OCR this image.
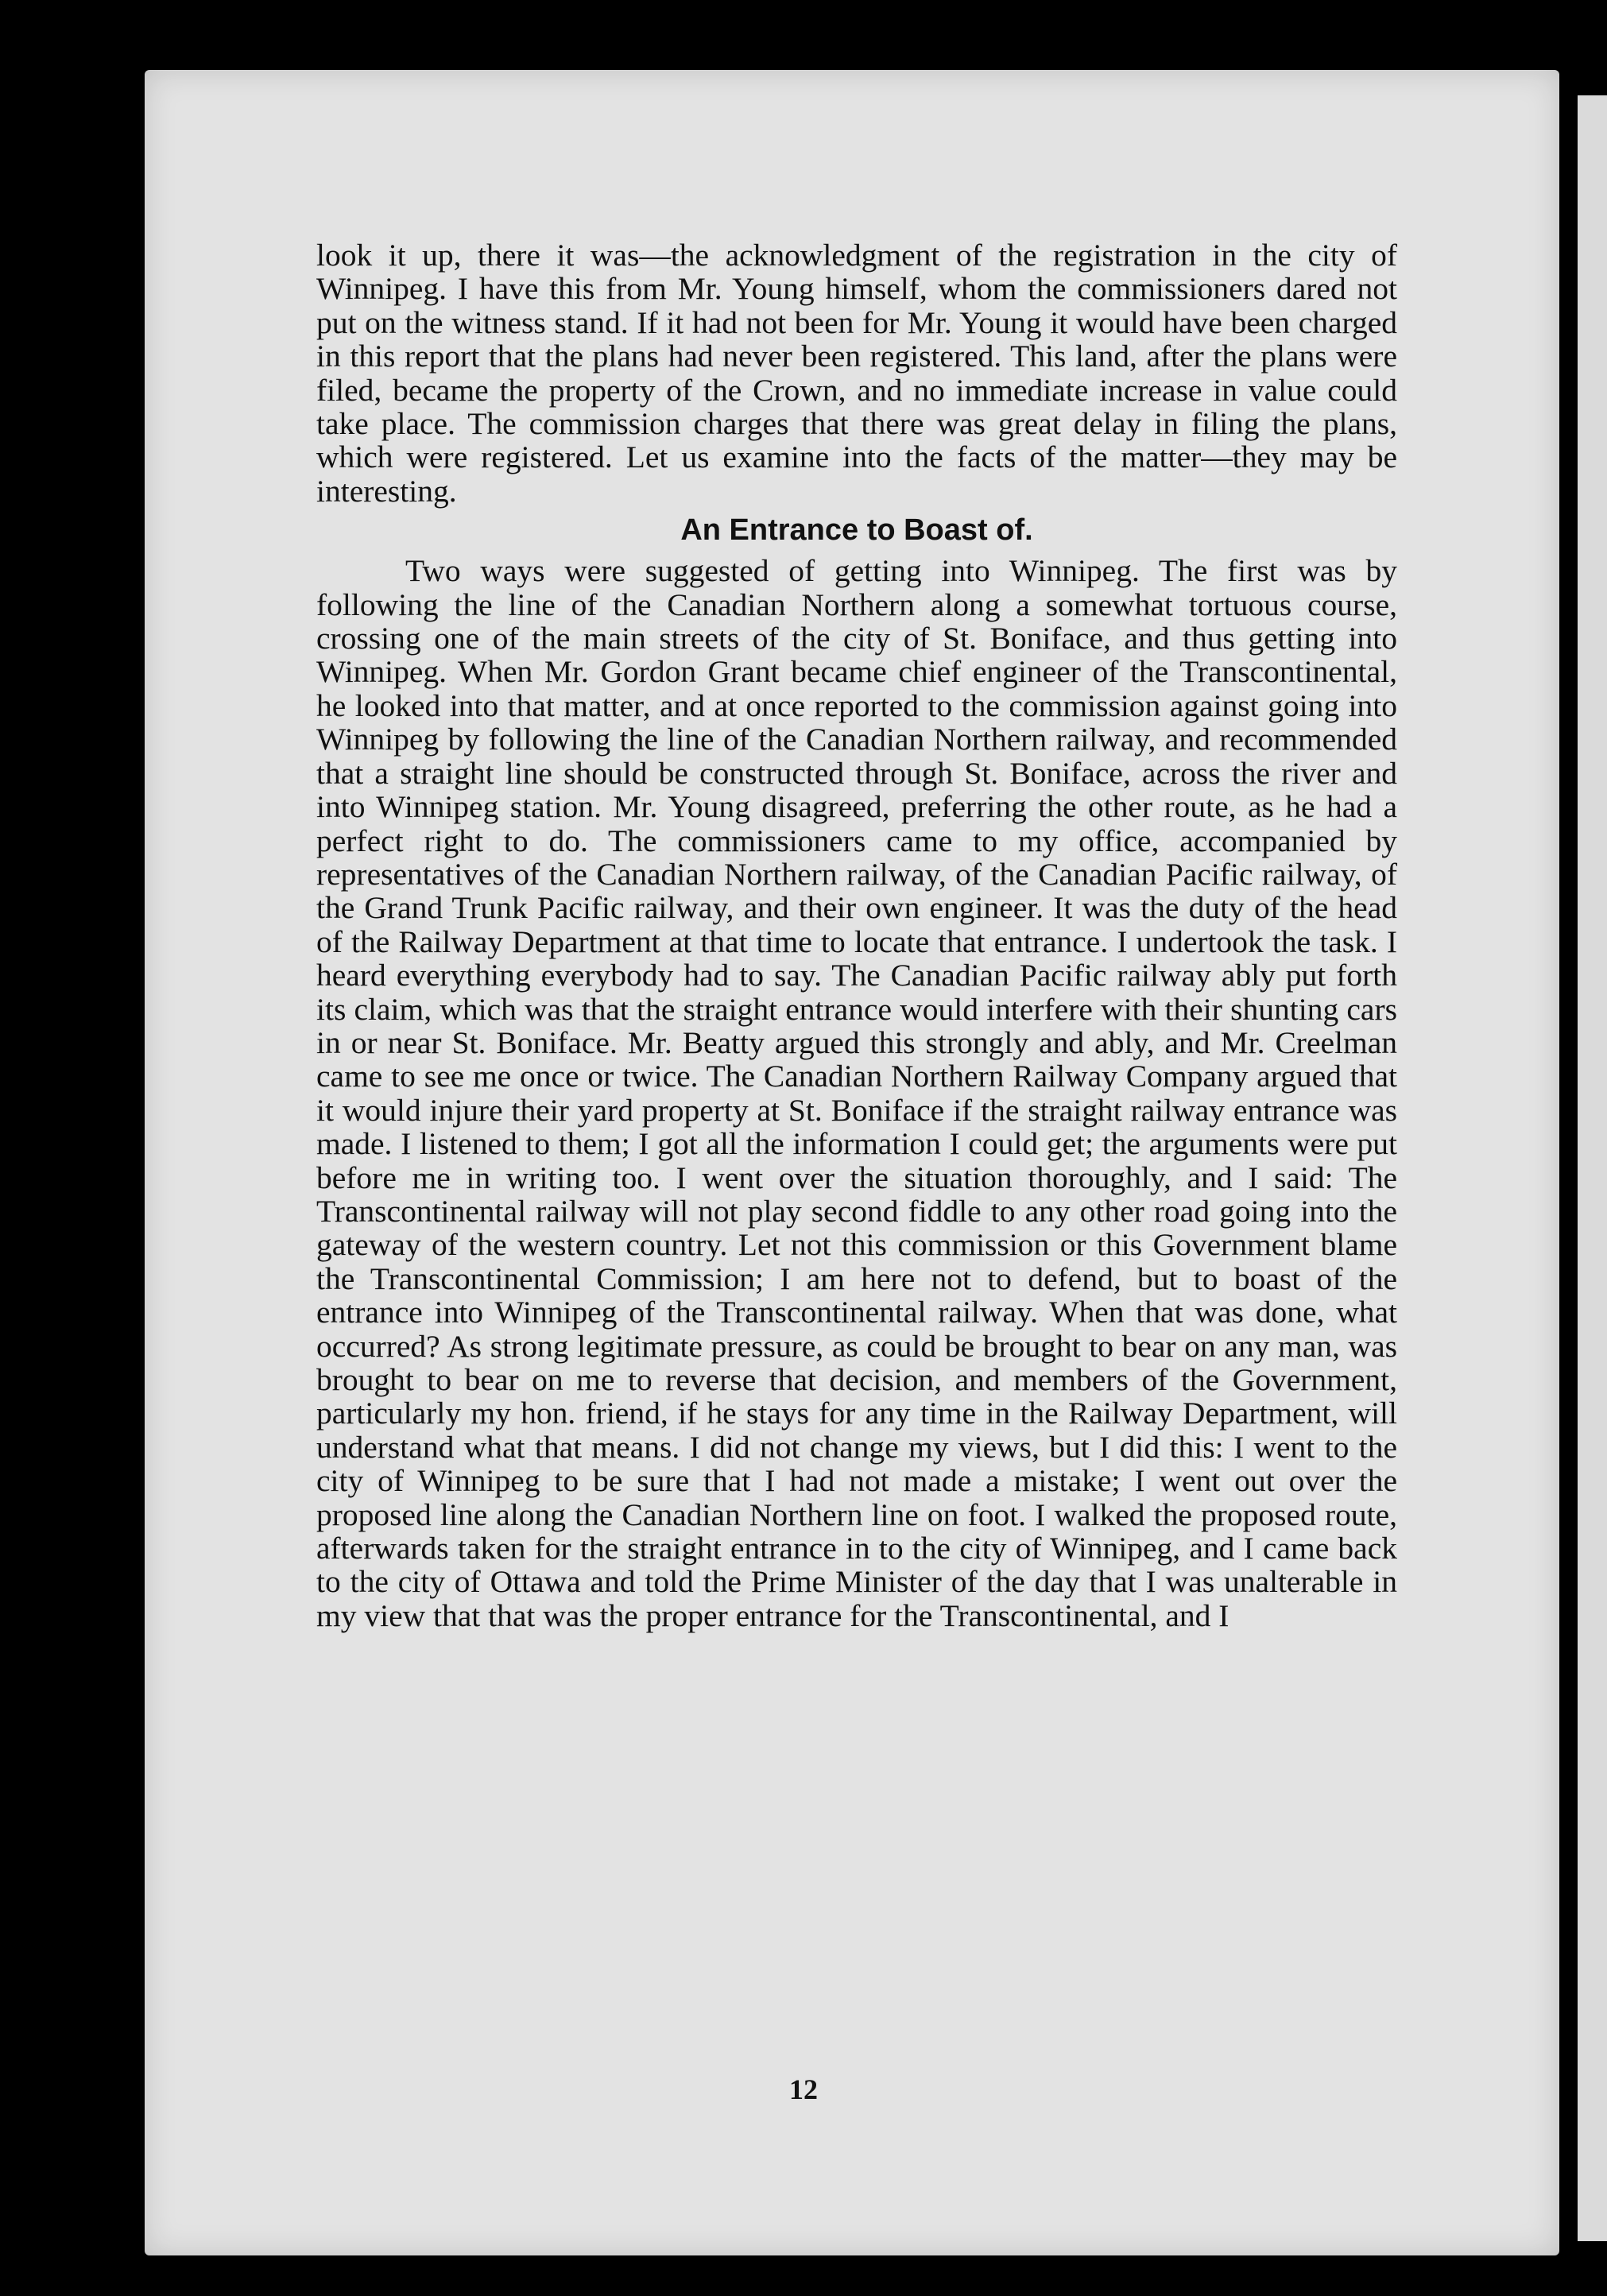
look it up, there it was—the acknowledgment of the registration in the city of Winnipeg. I have this from Mr. Young himself, whom the commissioners dared not put on the witness stand. If it had not been for Mr. Young it would have been charged in this report that the plans had never been registered. This land, after the plans were filed, became the property of the Crown, and no immediate increase in value could take place. The commission charges that there was great delay in filing the plans, which were registered. Let us examine into the facts of the matter—they may be interesting.

An Entrance to Boast of.

Two ways were suggested of getting into Winnipeg. The first was by following the line of the Canadian Northern along a somewhat tortuous course, crossing one of the main streets of the city of St. Boniface, and thus getting into Winnipeg. When Mr. Gordon Grant became chief engineer of the Transcontinental, he looked into that matter, and at once reported to the commission against going into Winnipeg by following the line of the Canadian Northern railway, and recommended that a straight line should be constructed through St. Boniface, across the river and into Winnipeg station. Mr. Young disagreed, preferring the other route, as he had a perfect right to do. The commissioners came to my office, accompanied by representatives of the Canadian Northern railway, of the Canadian Pacific railway, of the Grand Trunk Pacific railway, and their own engineer. It was the duty of the head of the Railway Department at that time to locate that entrance. I undertook the task. I heard everything everybody had to say. The Canadian Pacific railway ably put forth its claim, which was that the straight entrance would interfere with their shunting cars in or near St. Boniface. Mr. Beatty argued this strongly and ably, and Mr. Creelman came to see me once or twice. The Canadian Northern Railway Company argued that it would injure their yard property at St. Boniface if the straight railway entrance was made. I listened to them; I got all the information I could get; the arguments were put before me in writing too. I went over the situation thoroughly, and I said: The Transcontinental railway will not play second fiddle to any other road going into the gateway of the western country. Let not this commission or this Government blame the Transcontinental Commission; I am here not to defend, but to boast of the entrance into Winnipeg of the Transcontinental railway. When that was done, what occurred? As strong legitimate pressure, as could be brought to bear on any man, was brought to bear on me to reverse that decision, and members of the Government, particularly my hon. friend, if he stays for any time in the Railway Department, will understand what that means. I did not change my views, but I did this: I went to the city of Winnipeg to be sure that I had not made a mistake; I went out over the proposed line along the Canadian Northern line on foot. I walked the proposed route, afterwards taken for the straight entrance in to the city of Winnipeg, and I came back to the city of Ottawa and told the Prime Minister of the day that I was unalterable in my view that that was the proper entrance for the Transcontinental, and I

12
